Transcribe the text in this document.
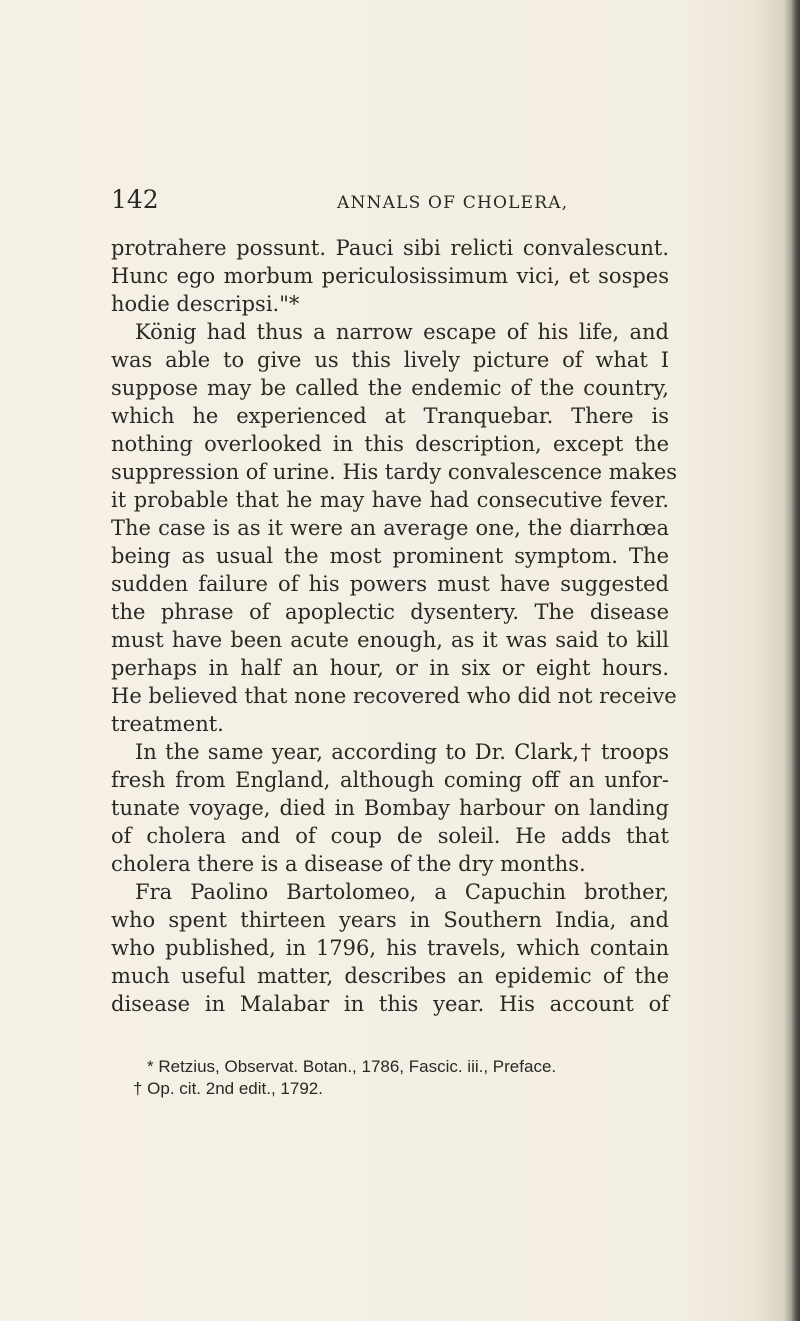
142	ANNALS OF CHOLERA,
protrahere possunt. Pauci sibi relicti convalescunt.
Hunc ego morbum periculosissimum vici, et sospes
hodie descripsi."*
König had thus a narrow escape of his life, and
was able to give us this lively picture of what I
suppose may be called the endemic of the country,
which he experienced at Tranquebar. There is
nothing overlooked in this description, except the
suppression of urine. His tardy convalescence makes
it probable that he may have had consecutive fever.
The case is as it were an average one, the diarrhœa
being as usual the most prominent symptom. The
sudden failure of his powers must have suggested
the phrase of apoplectic dysentery. The disease
must have been acute enough, as it was said to kill
perhaps in half an hour, or in six or eight hours.
He believed that none recovered who did not receive
treatment.
In the same year, according to Dr. Clark,† troops
fresh from England, although coming off an unfor-
tunate voyage, died in Bombay harbour on landing
of cholera and of coup de soleil. He adds that
cholera there is a disease of the dry months.
Fra Paolino Bartolomeo, a Capuchin brother,
who spent thirteen years in Southern India, and
who published, in 1796, his travels, which contain
much useful matter, describes an epidemic of the
disease in Malabar in this year. His account of
* Retzius, Observat. Botan., 1786, Fascic. iii., Preface.
† Op. cit. 2nd edit., 1792.
